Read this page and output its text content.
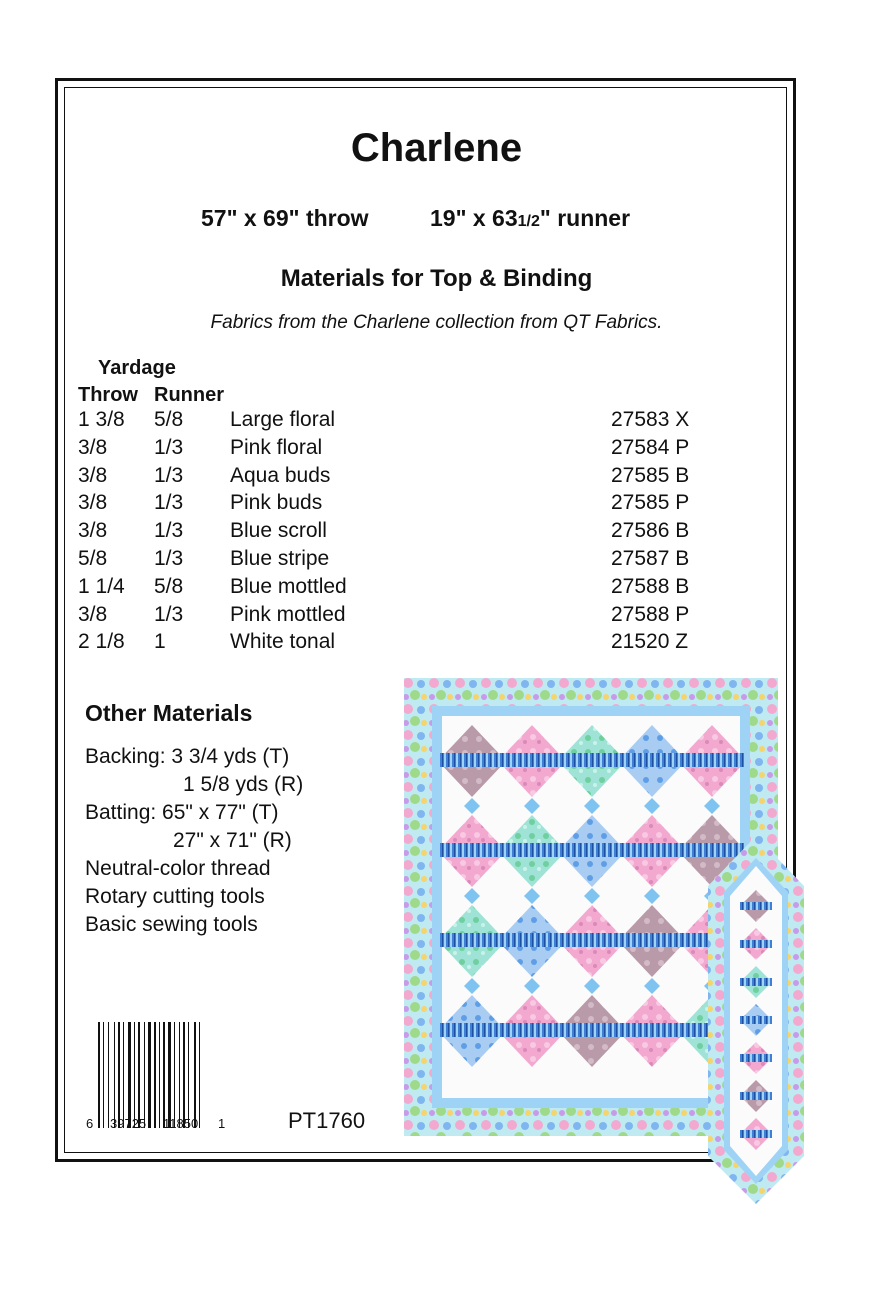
Charlene
57" x 69" throw	19" x 631/2" runner
Materials for Top & Binding
Fabrics from the Charlene collection from QT Fabrics.
Yardage
Throw Runner
1 3/8 5/8 Large floral	27583 X
3/8 1/3 Pink floral	27584 P
3/8 1/3 Aqua buds	27585 B
3/8 1/3 Pink buds	27585 P
3/8 1/3 Blue scroll	27586 B
5/8 1/3 Blue stripe	27587 B
1 1/4 5/8 Blue mottled	27588 B
3/8 1/3 Pink mottled	27588 P
2 1/8 1	White tonal	21520 Z
Other Materials
Backing: 3 3/4 yds (T)
1 5/8 yds (R)
Batting: 65" x 77" (T)
27" x 71" (R)
Neutral-color thread
Rotary cutting tools
Basic sewing tools
6 39725 11850 1	PT1760
